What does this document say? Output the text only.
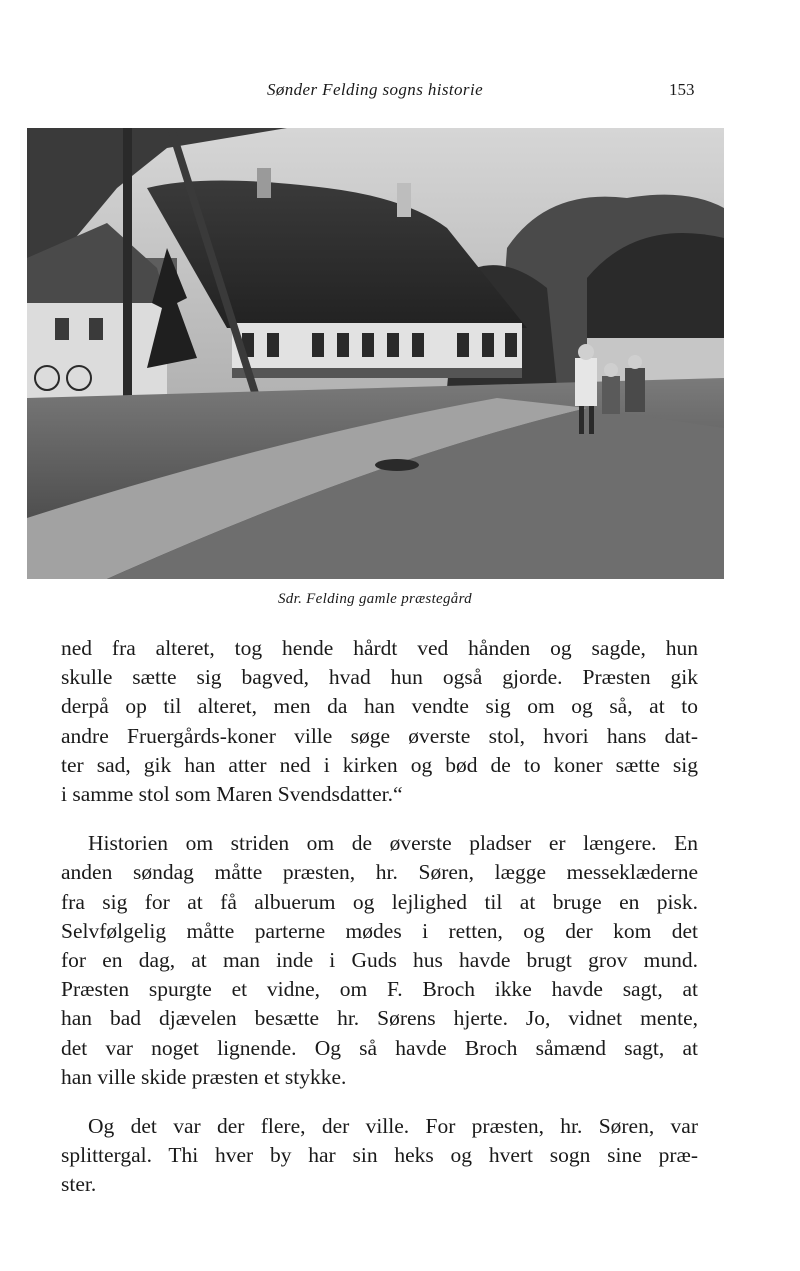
Sønder Felding sogns historie	153
Sdr. Felding gamle præstegård

ned fra alteret, tog hende hårdt ved hånden og sagde, hun

skulle sætte sig bagved, hvad hun også gjorde. Præsten gik

derpå op til alteret, men da han vendte sig om og så, at to

andre Fruergårds-koner ville søge øverste stol, hvori hans dat-

ter sad, gik han atter ned i kirken og bød de to koner sætte sig

i samme stol som Maren Svendsdatter.“

Historien om striden om de øverste pladser er længere. En

anden søndag måtte præsten, hr. Søren, lægge messeklæderne

fra sig for at få albuerum og lejlighed til at bruge en pisk.

Selvfølgelig måtte parterne mødes i retten, og der kom det

for en dag, at man inde i Guds hus havde brugt grov mund.

Præsten spurgte et vidne, om F. Broch ikke havde sagt, at

han bad djævelen besætte hr. Sørens hjerte. Jo, vidnet mente,

det var noget lignende. Og så havde Broch såmænd sagt, at

han ville skide præsten et stykke.

Og det var der flere, der ville. For præsten, hr. Søren, var

splittergal. Thi hver by har sin heks og hvert sogn sine præ-

ster.
